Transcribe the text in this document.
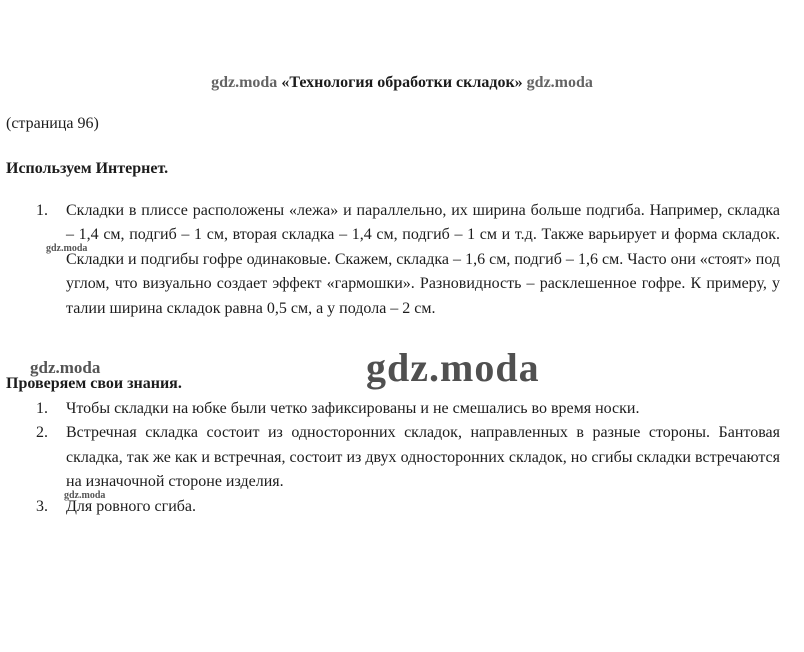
gdz.moda «Технология обработки складок» gdz.moda
(страница 96)
Используем Интернет.
1. Складки в плиссе расположены «лежа» и параллельно, их ширина больше подгиба. Например, складка – 1,4 см, подгиб – 1 см, вторая складка – 1,4 см, подгиб – 1 см и т.д. Также варьирует и форма складок. Складки и подгибы гофре одинаковые. Скажем, складка – 1,6 см, подгиб – 1,6 см. Часто они «стоят» под углом, что визуально создает эффект «гармошки». Разновидность – расклешенное гофре. К примеру, у талии ширина складок равна 0,5 см, а у подола – 2 см.
gdz.moda
gdz.moda
Проверяем свои знания.	gdz.moda
1. Чтобы складки на юбке были четко зафиксированы и не смешались во время носки.
2. Встречная складка состоит из односторонних складок, направленных в разные стороны. Бантовая складка, так же как и встречная, состоит из двух односторонних складок, но сгибы складки встречаются на изначочной стороне изделия.
3. Для ровного сгиба.
gdz.moda
